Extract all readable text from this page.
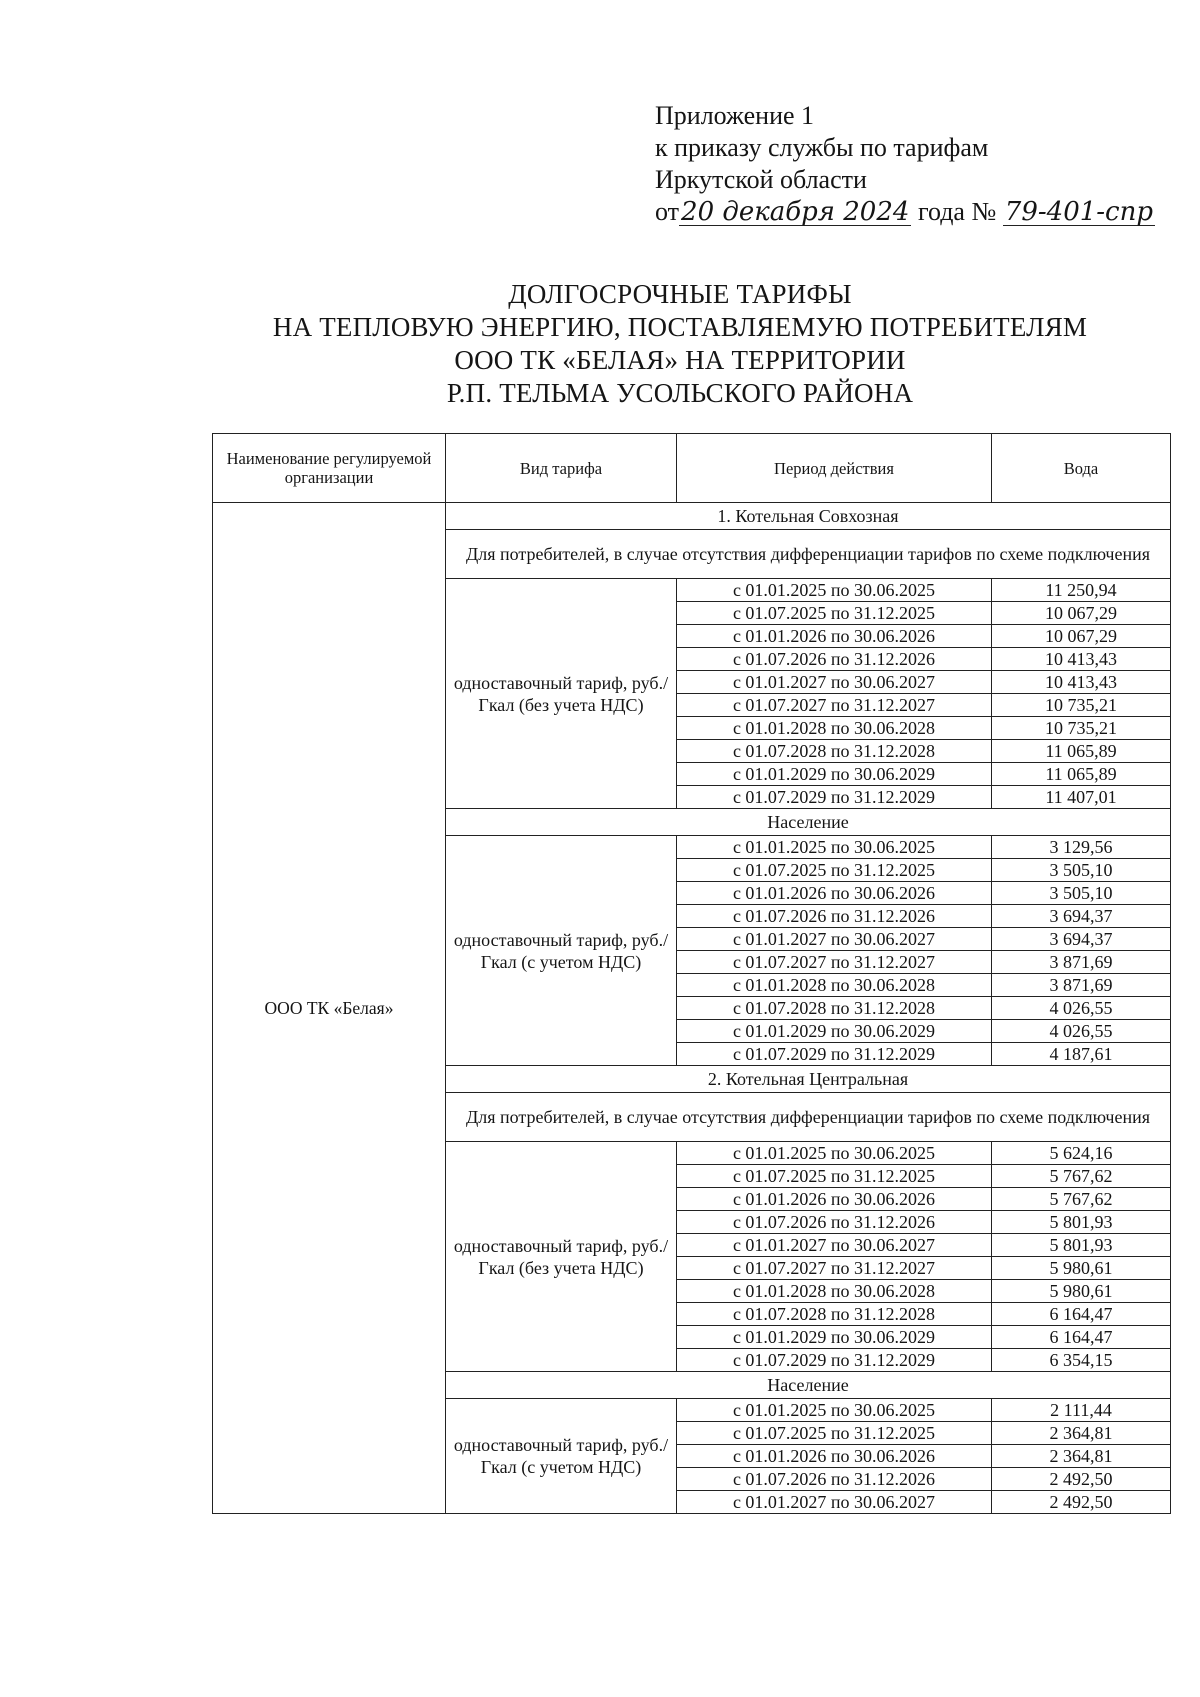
Приложение 1
к приказу службы по тарифам
Иркутской области
от20 декабря 2024 года № 79-401-спр
ДОЛГОСРОЧНЫЕ ТАРИФЫ
НА ТЕПЛОВУЮ ЭНЕРГИЮ, ПОСТАВЛЯЕМУЮ ПОТРЕБИТЕЛЯМ
ООО ТК «БЕЛАЯ» НА ТЕРРИТОРИИ
Р.П. ТЕЛЬМА УСОЛЬСКОГО РАЙОНА
Наименование регулируемой организации	Вид тарифа	Период действия	Вода
ООО ТК «Белая»	1. Котельная Совхозная		
	Для потребителей, в случае отсутствия дифференциации тарифов по схеме подключения		
	одноставочный тариф, руб./Гкал (без учета НДС)	с 01.01.2025 по 30.06.2025	11 250,94
		с 01.07.2025 по 31.12.2025	10 067,29
		с 01.01.2026 по 30.06.2026	10 067,29
		с 01.07.2026 по 31.12.2026	10 413,43
		с 01.01.2027 по 30.06.2027	10 413,43
		с 01.07.2027 по 31.12.2027	10 735,21
		с 01.01.2028 по 30.06.2028	10 735,21
		с 01.07.2028 по 31.12.2028	11 065,89
		с 01.01.2029 по 30.06.2029	11 065,89
		с 01.07.2029 по 31.12.2029	11 407,01
	Население		
	одноставочный тариф, руб./Гкал (с учетом НДС)	с 01.01.2025 по 30.06.2025	3 129,56
		с 01.07.2025 по 31.12.2025	3 505,10
		с 01.01.2026 по 30.06.2026	3 505,10
		с 01.07.2026 по 31.12.2026	3 694,37
		с 01.01.2027 по 30.06.2027	3 694,37
		с 01.07.2027 по 31.12.2027	3 871,69
		с 01.01.2028 по 30.06.2028	3 871,69
		с 01.07.2028 по 31.12.2028	4 026,55
		с 01.01.2029 по 30.06.2029	4 026,55
		с 01.07.2029 по 31.12.2029	4 187,61
	2. Котельная Центральная		
	Для потребителей, в случае отсутствия дифференциации тарифов по схеме подключения		
	одноставочный тариф, руб./Гкал (без учета НДС)	с 01.01.2025 по 30.06.2025	5 624,16
		с 01.07.2025 по 31.12.2025	5 767,62
		с 01.01.2026 по 30.06.2026	5 767,62
		с 01.07.2026 по 31.12.2026	5 801,93
		с 01.01.2027 по 30.06.2027	5 801,93
		с 01.07.2027 по 31.12.2027	5 980,61
		с 01.01.2028 по 30.06.2028	5 980,61
		с 01.07.2028 по 31.12.2028	6 164,47
		с 01.01.2029 по 30.06.2029	6 164,47
		с 01.07.2029 по 31.12.2029	6 354,15
	Население		
	одноставочный тариф, руб./Гкал (с учетом НДС)	с 01.01.2025 по 30.06.2025	2 111,44
		с 01.07.2025 по 31.12.2025	2 364,81
		с 01.01.2026 по 30.06.2026	2 364,81
		с 01.07.2026 по 31.12.2026	2 492,50
		с 01.01.2027 по 30.06.2027	2 492,50
